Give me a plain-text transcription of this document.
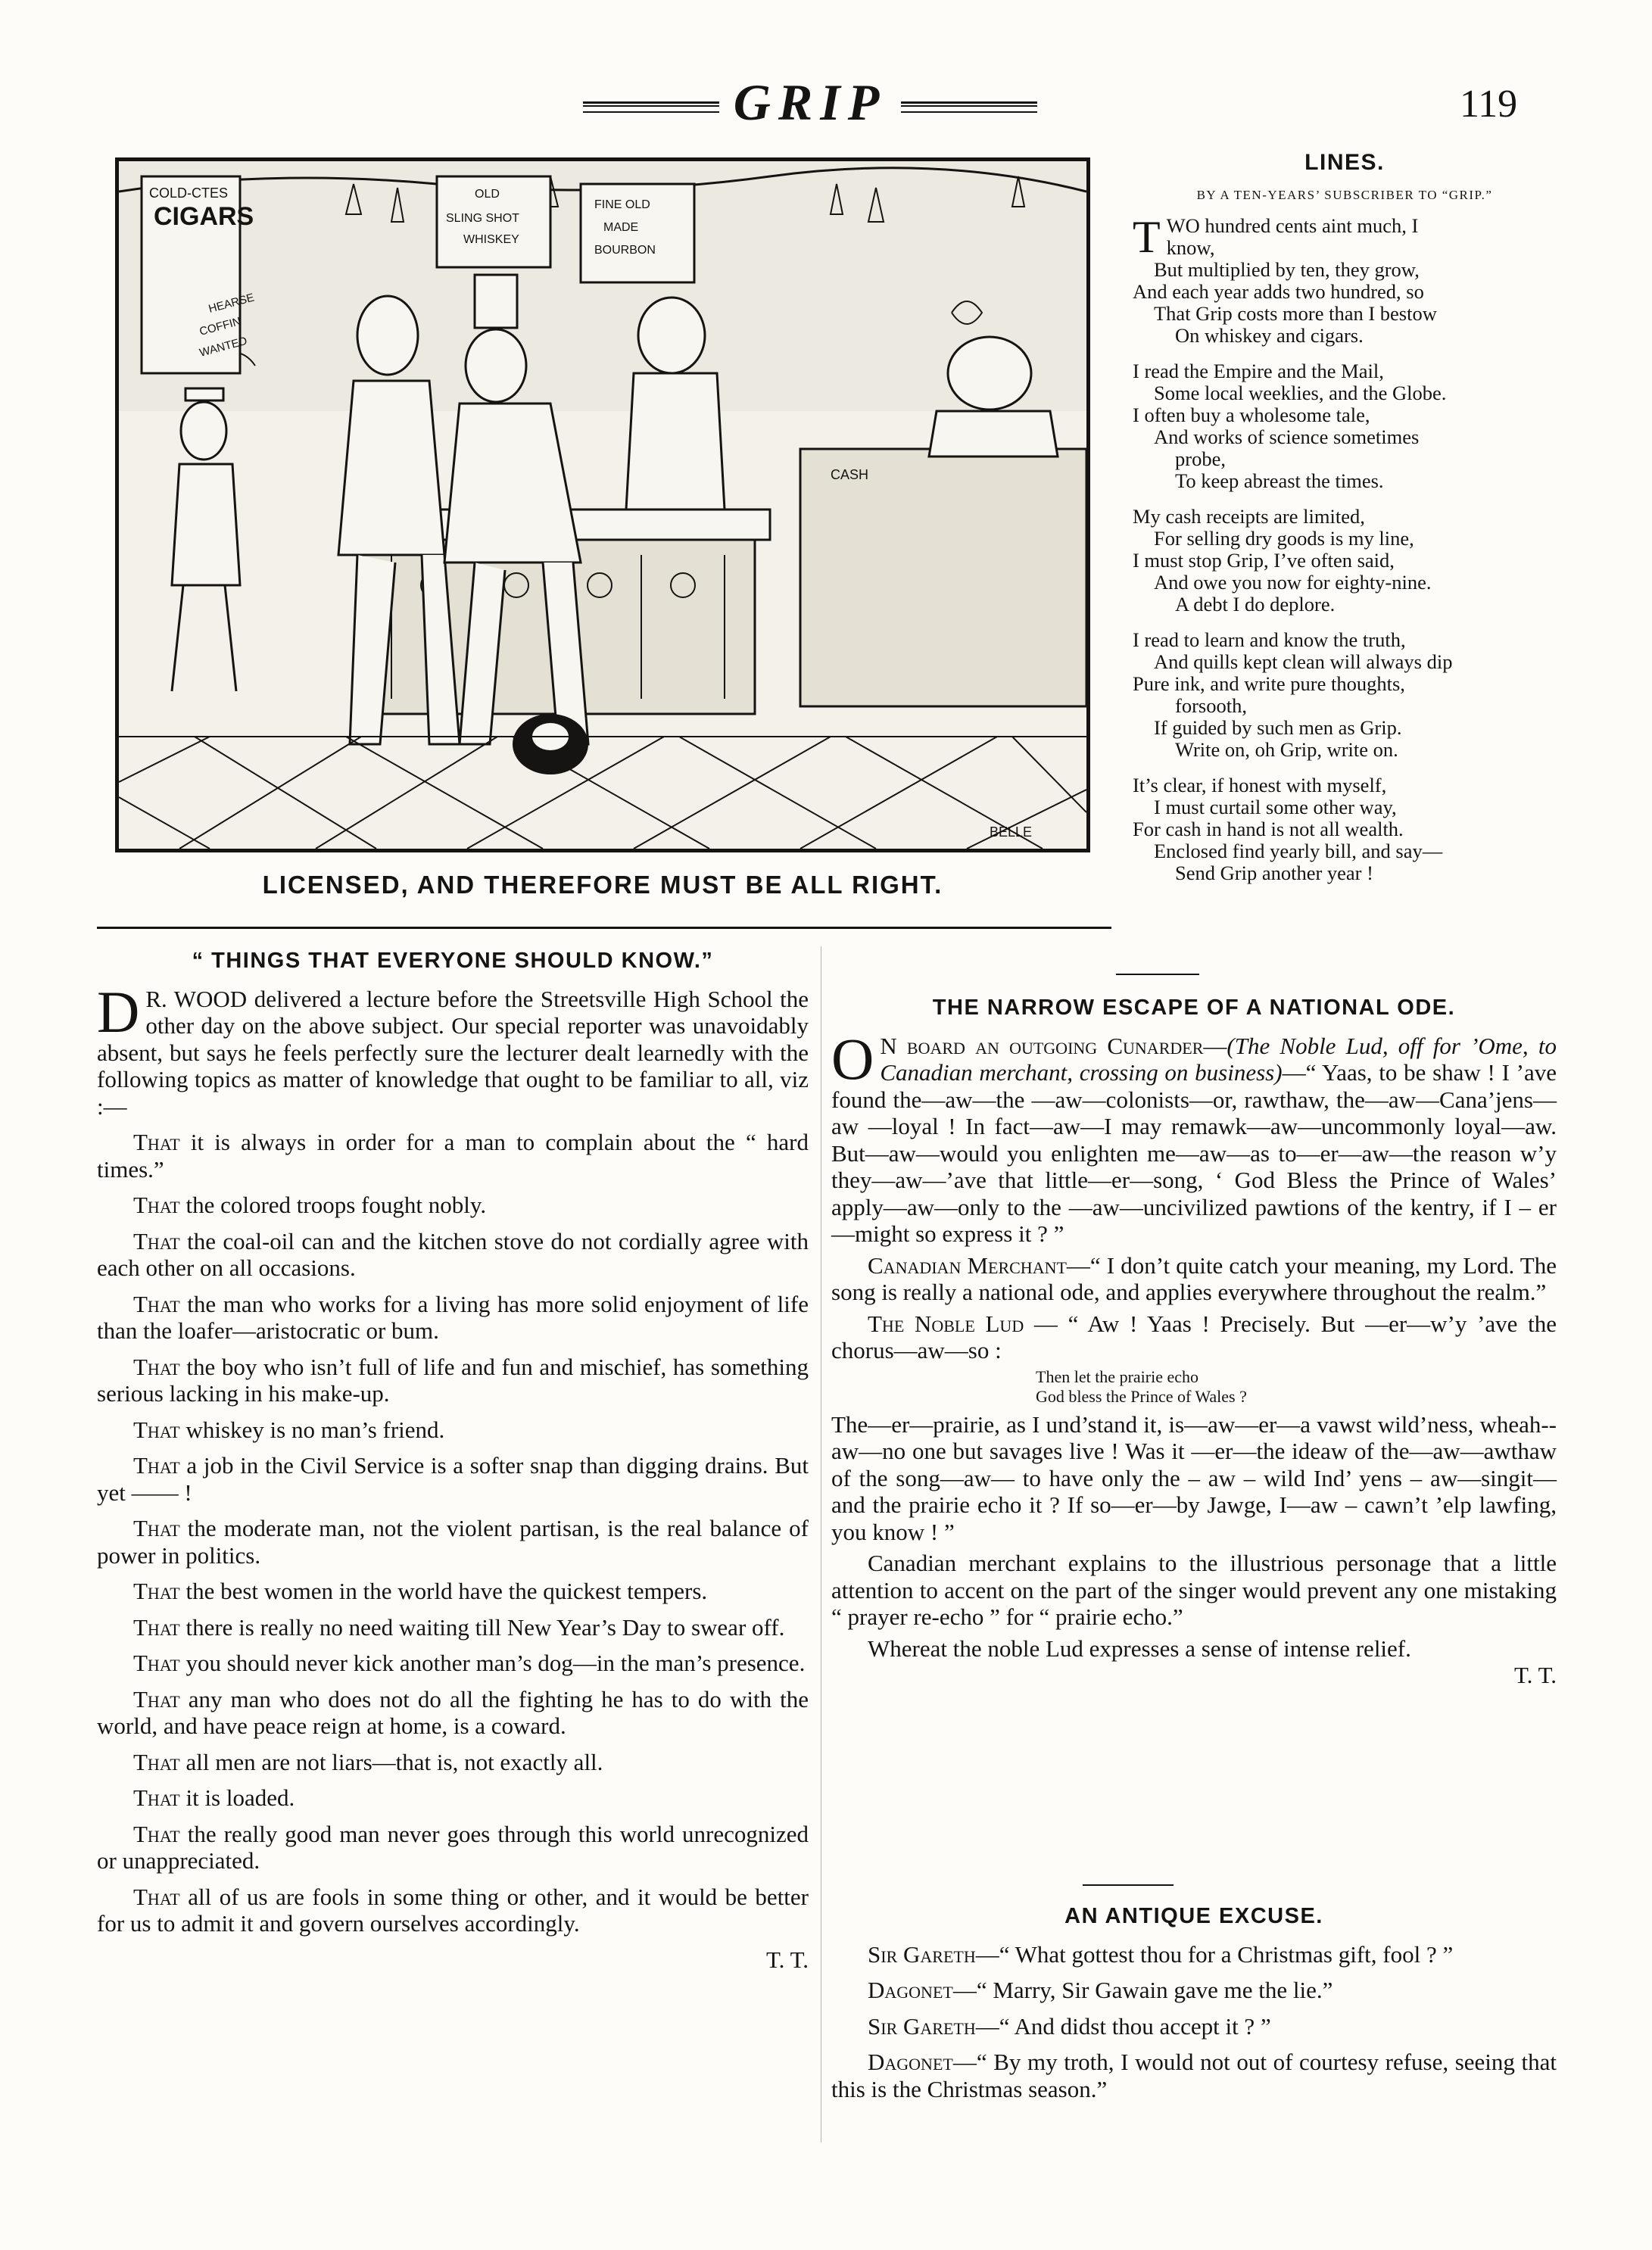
GRIP	119
COLD-CTES
CIGARS
OLD
SLING SHOT
WHISKEY
FINE OLD
MADE
BOURBON
HEARSE
COFFIN
WANTED
CASH
BELLE
LICENSED, AND THEREFORE MUST BE ALL RIGHT.

“ THINGS THAT EVERYONE SHOULD KNOW.”

D R. WOOD delivered a lecture before the Streetsville High School the other day on the above subject. Our special reporter was unavoidably absent, but says he feels perfectly sure the lecturer dealt learnedly with the following topics as matter of knowledge that ought to be familiar to all, viz :—

That it is always in order for a man to complain about the “ hard times.”

That the colored troops fought nobly.

That the coal-oil can and the kitchen stove do not cordially agree with each other on all occasions.

That the man who works for a living has more solid enjoyment of life than the loafer—aristocratic or bum.

That the boy who isn’t full of life and fun and mischief, has something serious lacking in his make-up.

That whiskey is no man’s friend.

That a job in the Civil Service is a softer snap than digging drains. But yet —— !

That the moderate man, not the violent partisan, is the real balance of power in politics.

That the best women in the world have the quickest tempers.

That there is really no need waiting till New Year’s Day to swear off.

That you should never kick another man’s dog—in the man’s presence.

That any man who does not do all the fighting he has to do with the world, and have peace reign at home, is a coward.

That all men are not liars—that is, not exactly all.

That it is loaded.

That the really good man never goes through this world unrecognized or unappreciated.

That all of us are fools in some thing or other, and it would be better for us to admit it and govern ourselves accordingly.

T. T.

LINES.

BY A TEN-YEARS’ SUBSCRIBER TO “GRIP.”

T WO hundred cents aint much, I
know,
But multiplied by ten, they grow,
And each year adds two hundred, so
That Grip costs more than I bestow
On whiskey and cigars.
I read the Empire and the Mail,
Some local weeklies, and the Globe.
I often buy a wholesome tale,
And works of science sometimes
probe,
To keep abreast the times.
My cash receipts are limited,
For selling dry goods is my line,
I must stop Grip, I’ve often said,
And owe you now for eighty-nine.
A debt I do deplore.
I read to learn and know the truth,
And quills kept clean will always dip
Pure ink, and write pure thoughts,
forsooth,
If guided by such men as Grip.
Write on, oh Grip, write on.
It’s clear, if honest with myself,
I must curtail some other way,
For cash in hand is not all wealth.
Enclosed find yearly bill, and say—
Send Grip another year !

THE NARROW ESCAPE OF A NATIONAL ODE.

O N board an outgoing Cunarder—(The Noble Lud, off for ’Ome, to Canadian merchant, crossing on business)—“ Yaas, to be shaw ! I ’ave found the—aw—the —aw—colonists—or, rawthaw, the—aw—Cana’jens—aw —loyal ! In fact—aw—I may remawk—aw—uncommonly loyal—aw. But—aw—would you enlighten me—aw—as to—er—aw—the reason w’y they—aw—’ave that little—er—song, ‘ God Bless the Prince of Wales’ apply—aw—only to the —aw—uncivilized pawtions of the kentry, if I – er—might so express it ? ”

Canadian Merchant—“ I don’t quite catch your meaning, my Lord. The song is really a national ode, and applies everywhere throughout the realm.”

The Noble Lud — “ Aw ! Yaas ! Precisely. But —er—w’y ’ave the chorus—aw—so :

Then let the prairie echo
God bless the Prince of Wales ?

The—er—prairie, as I und’stand it, is—aw—er—a vawst wild’ness, wheah--aw—no one but savages live ! Was it —er—the ideaw of the—aw—awthaw of the song—aw— to have only the – aw – wild Ind’ yens – aw—singit—and the prairie echo it ? If so—er—by Jawge, I—aw – cawn’t ’elp lawfing, you know ! ”

Canadian merchant explains to the illustrious personage that a little attention to accent on the part of the singer would prevent any one mistaking “ prayer re-echo ” for “ prairie echo.”

Whereat the noble Lud expresses a sense of intense relief.

T. T.

AN ANTIQUE EXCUSE.

Sir Gareth—“ What gottest thou for a Christmas gift, fool ? ”

Dagonet—“ Marry, Sir Gawain gave me the lie.”

Sir Gareth—“ And didst thou accept it ? ”

Dagonet—“ By my troth, I would not out of courtesy refuse, seeing that this is the Christmas season.”
